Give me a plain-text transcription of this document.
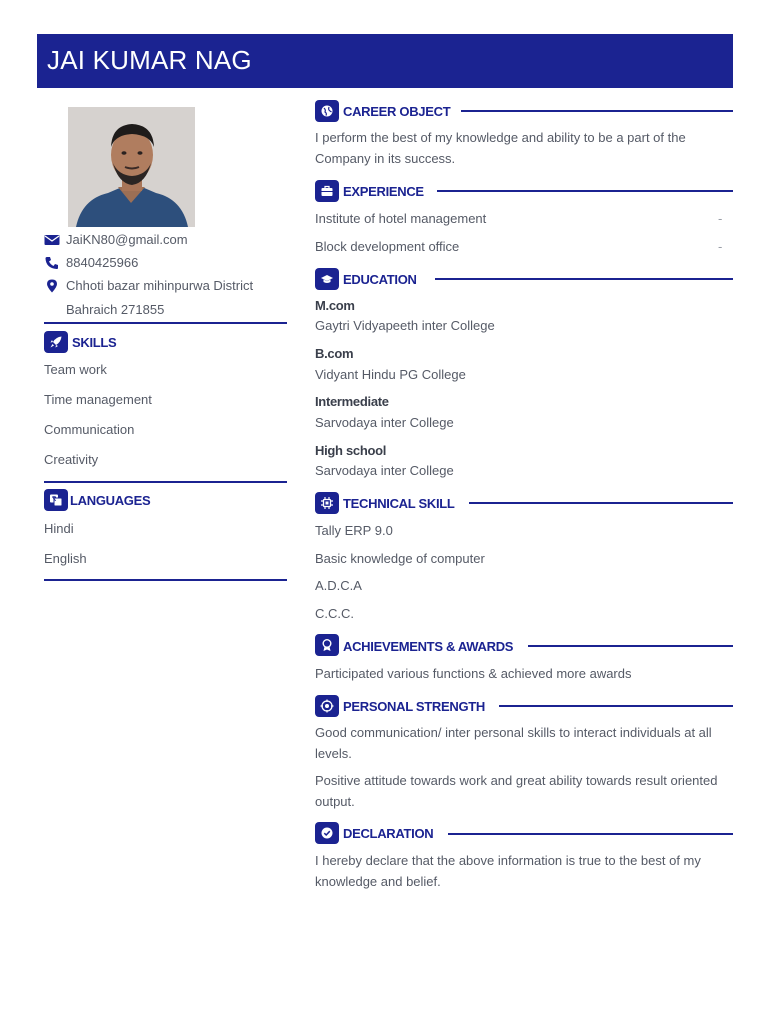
JAI KUMAR NAG
JaiKN80@gmail.com
8840425966
Chhoti bazar mihinpurwa District Bahraich 271855
SKILLS
Team work
Time management
Communication
Creativity
LANGUAGES
Hindi
English
CAREER OBJECT
I perform the best of my knowledge and ability to be a part of the Company in its success.
EXPERIENCE
Institute of hotel management	-
Block development office	-
EDUCATION
M.com
Gaytri Vidyapeeth inter College
B.com
Vidyant Hindu PG College
Intermediate
Sarvodaya inter College
High school
Sarvodaya inter College
TECHNICAL SKILL
Tally ERP 9.0
Basic knowledge of computer
A.D.C.A
C.C.C.
ACHIEVEMENTS & AWARDS
Participated various functions & achieved more awards
PERSONAL STRENGTH
Good communication/ inter personal skills to interact individuals at all levels.
Positive attitude towards work and great ability towards result oriented output.
DECLARATION
I hereby declare that the above information is true to the best of my knowledge and belief.
